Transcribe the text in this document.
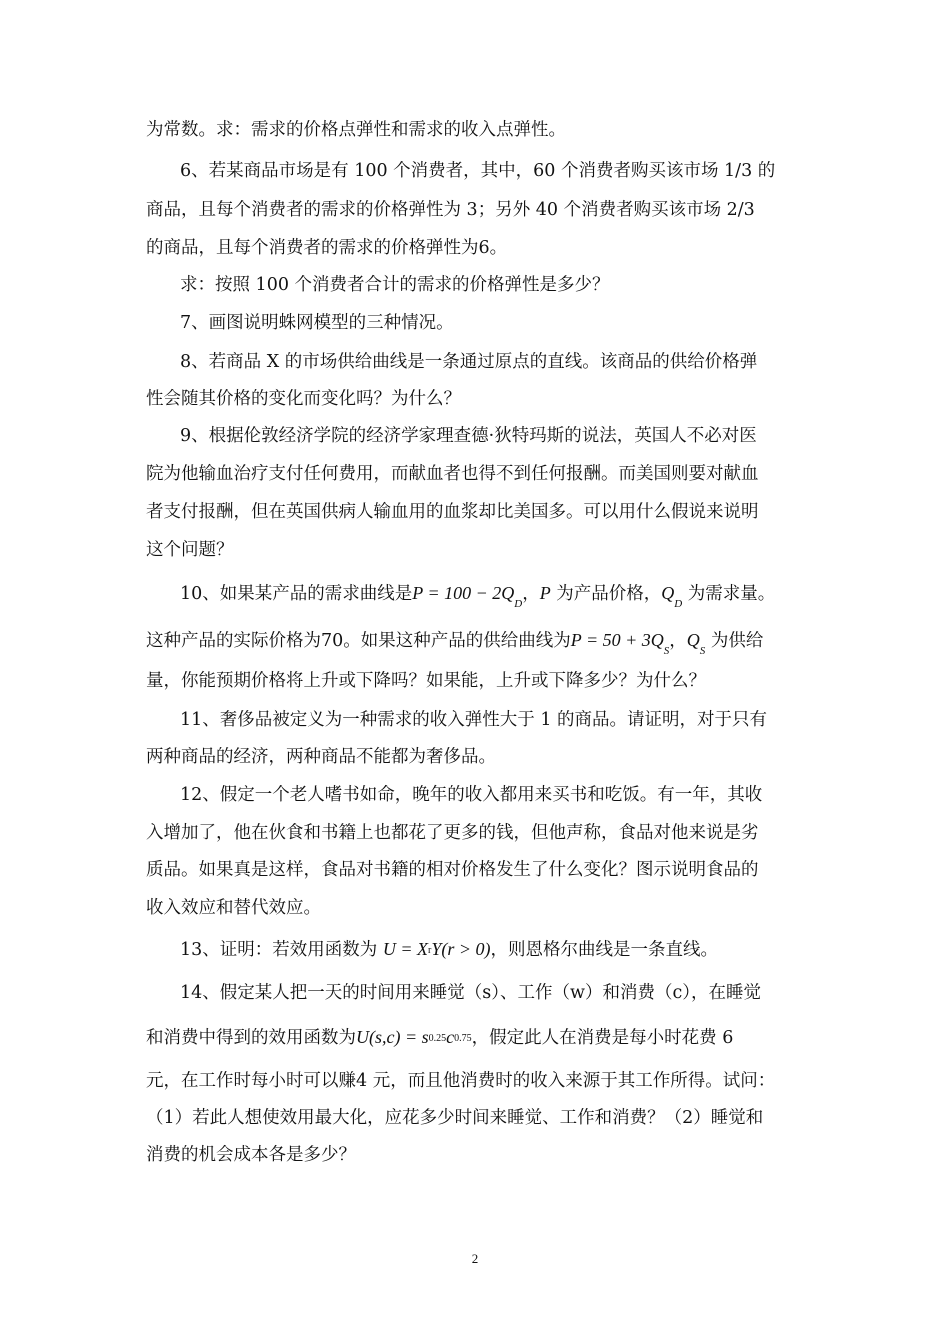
为常数。求：需求的价格点弹性和需求的收入点弹性。
6、若某商品市场是有 100 个消费者，其中，60 个消费者购买该市场 1/3 的
商品，且每个消费者的需求的价格弹性为 3；另外 40 个消费者购买该市场 2/3
的商品，且每个消费者的需求的价格弹性为6。
求：按照 100 个消费者合计的需求的价格弹性是多少？
7、画图说明蛛网模型的三种情况。
8、若商品 X 的市场供给曲线是一条通过原点的直线。该商品的供给价格弹
性会随其价格的变化而变化吗？为什么？
9、根据伦敦经济学院的经济学家理查德·狄特玛斯的说法，英国人不必对医
院为他输血治疗支付任何费用，而献血者也得不到任何报酬。而美国则要对献血
者支付报酬，但在英国供病人输血用的血浆却比美国多。可以用什么假说来说明
这个问题？
10、如果某产品的需求曲线是$P = 100 - 2Q_D$，P 为产品价格，$Q_D$ 为需求量。
这种产品的实际价格为70。如果这种产品的供给曲线为$P = 50 + 3Q_S$，$Q_S$ 为供给
量，你能预期价格将上升或下降吗？如果能，上升或下降多少？为什么？
11、奢侈品被定义为一种需求的收入弹性大于 1 的商品。请证明，对于只有
两种商品的经济，两种商品不能都为奢侈品。
12、假定一个老人嗜书如命，晚年的收入都用来买书和吃饭。有一年，其收
入增加了，他在伙食和书籍上也都花了更多的钱，但他声称，食品对他来说是劣
质品。如果真是这样，食品对书籍的相对价格发生了什么变化？图示说明食品的
收入效应和替代效应。
13、证明：若效用函数为 U = XrY(r > 0)，则恩格尔曲线是一条直线。
14、假定某人把一天的时间用来睡觉（s）、工作（w）和消费（c），在睡觉
和消费中得到的效用函数为U(s,c) = s0.25c0.75，假定此人在消费是每小时花费 6
元，在工作时每小时可以赚4 元，而且他消费时的收入来源于其工作所得。试问：
（1）若此人想使效用最大化，应花多少时间来睡觉、工作和消费？（2）睡觉和
消费的机会成本各是多少？
2
